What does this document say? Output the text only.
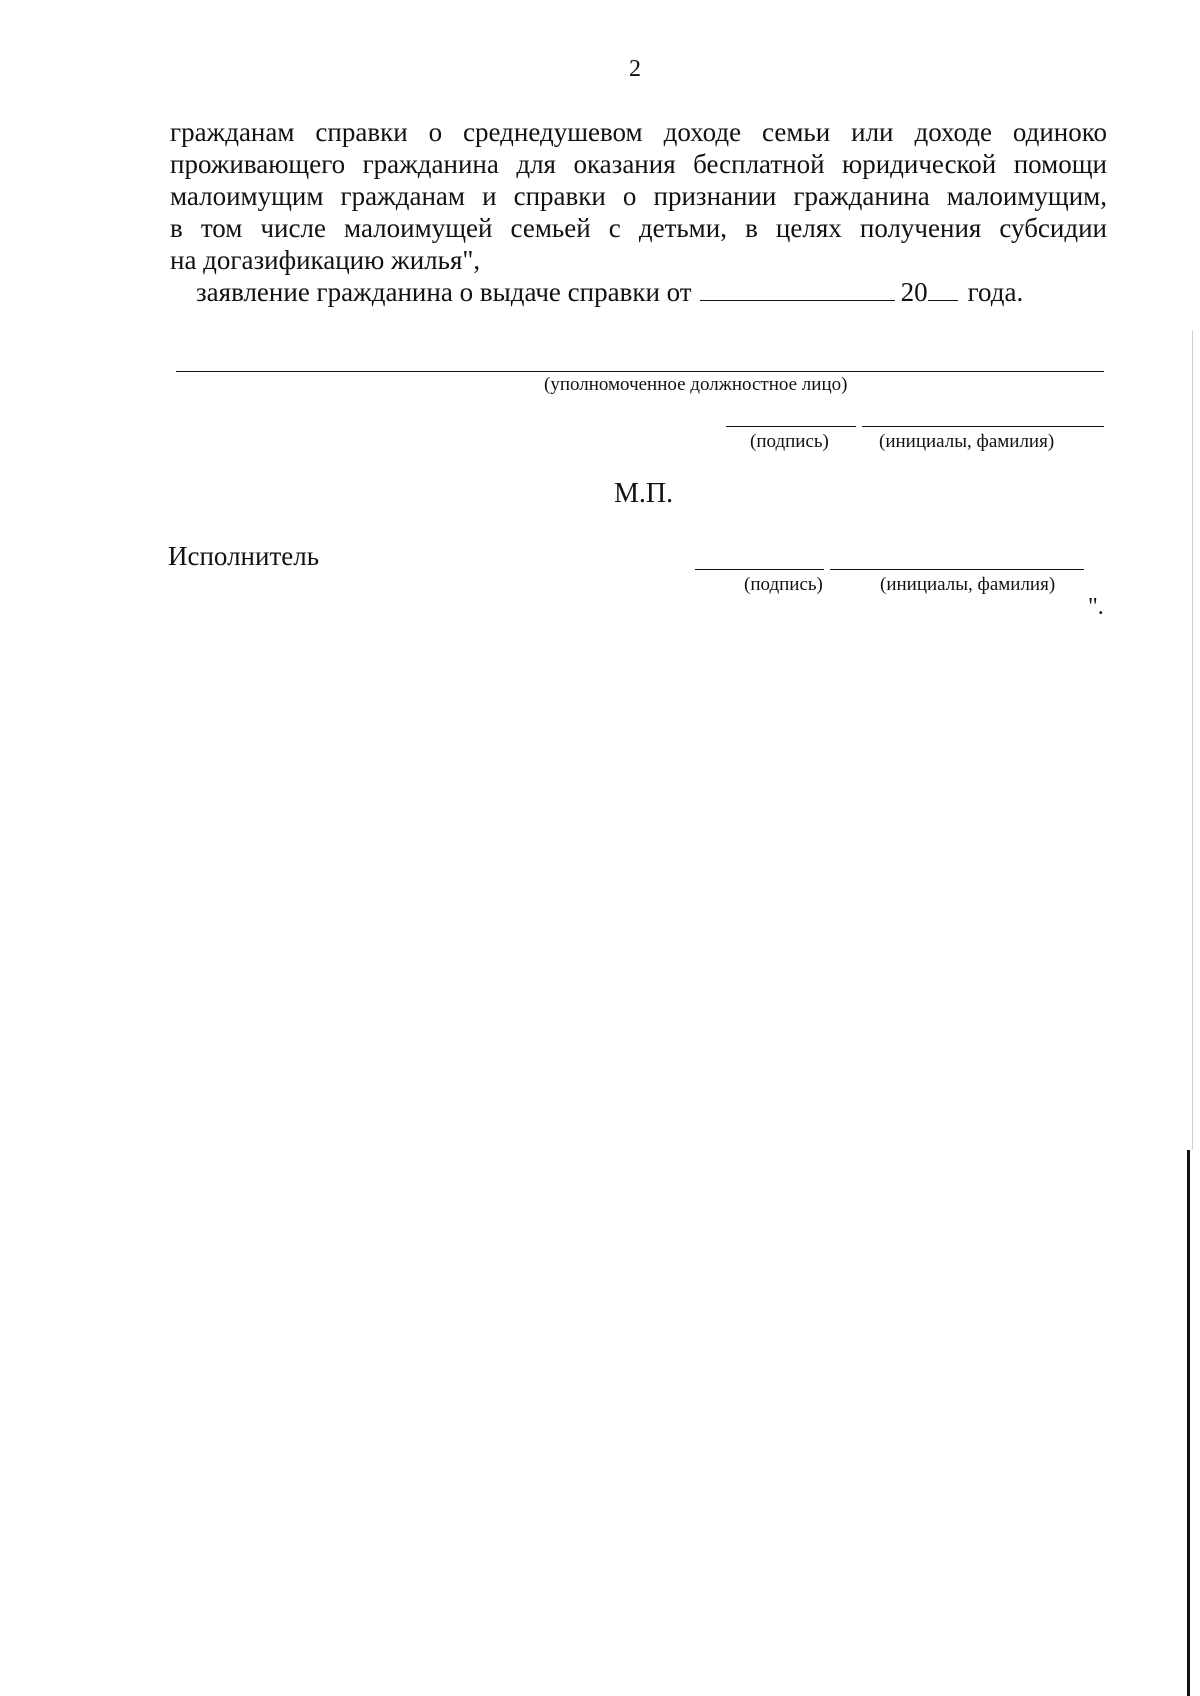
2
гражданам справки о среднедушевом доходе семьи или доходе одиноко
проживающего гражданина для оказания бесплатной юридической помощи
малоимущим гражданам и справки о признании гражданина малоимущим,
в том числе малоимущей семьей с детьми, в целях получения субсидии
на догазификацию жилья",
заявление гражданина о выдаче справки от	20 года.
(уполномоченное должностное лицо)
(подпись)	(инициалы, фамилия)
М.П.
Исполнитель
(подпись)	(инициалы, фамилия)
".
